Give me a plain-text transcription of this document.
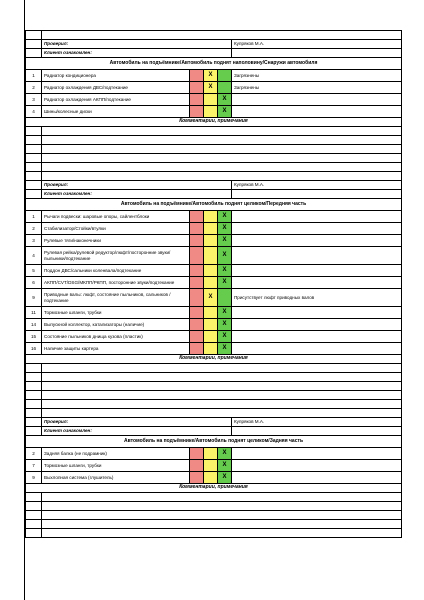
	Проверил:				Купряков М.А.
	Клиент ознакомлен:				
Автомобиль на подъёмнике/Автомобиль поднят наполовину/Снаружи автомобиля					
1	Радиатор кондиционера		X		Загрязнены
2	Радиатор охлаждения ДВС/подтекание		X		Загрязнены
3	Радиатор охлаждения АКПП/подтекание			X	
4	Шины/колесные диски			X	
Комментарии, примечания					

	Проверил:				Купряков М.А.
	Клиент ознакомлен:				
Автомобиль на подъёмнике/Автомобиль поднят целиком/Передняя часть					
1	Рычаги подвески: шаровые опоры, сайлентблоки			X	
2	Стабилизатор/Стойки/втулки			X	
3	Рулевые тяги/наконечники			X	
4	Рулевая рейка/рулевой редуктор/люфт/посторонние звуки/пыльники/подтекание			X	
5	Поддон ДВС/сальники коленвала/подтекание			X	
6	АКПП/CVT/DSG/МКПП/РКПП, посторонние звуки/подтекание			X	
9	Приводные валы: люфт, состояние пыльников, сальников / подтекание		X		Присутствует люфт приводных валов
11	Тормозные шланги, трубки			X	
14	Выпускной коллектор, катализаторы (наличие)			X	
15	Состояние пыльников днища кузова (пластик)			X	
16	Наличие защиты картера			X	
Комментарии, примечания					

	Проверил:				Купряков М.А.
	Клиент ознакомлен:				
Автомобиль на подъёмнике/Автомобиль поднят целиком/Задняя часть					
2	Задняя балка (не подрамник)			X	
7	Тормозные шланги, трубки			X	
9	Выхлопная система (глушитель)			X	
Комментарии, примечания					
